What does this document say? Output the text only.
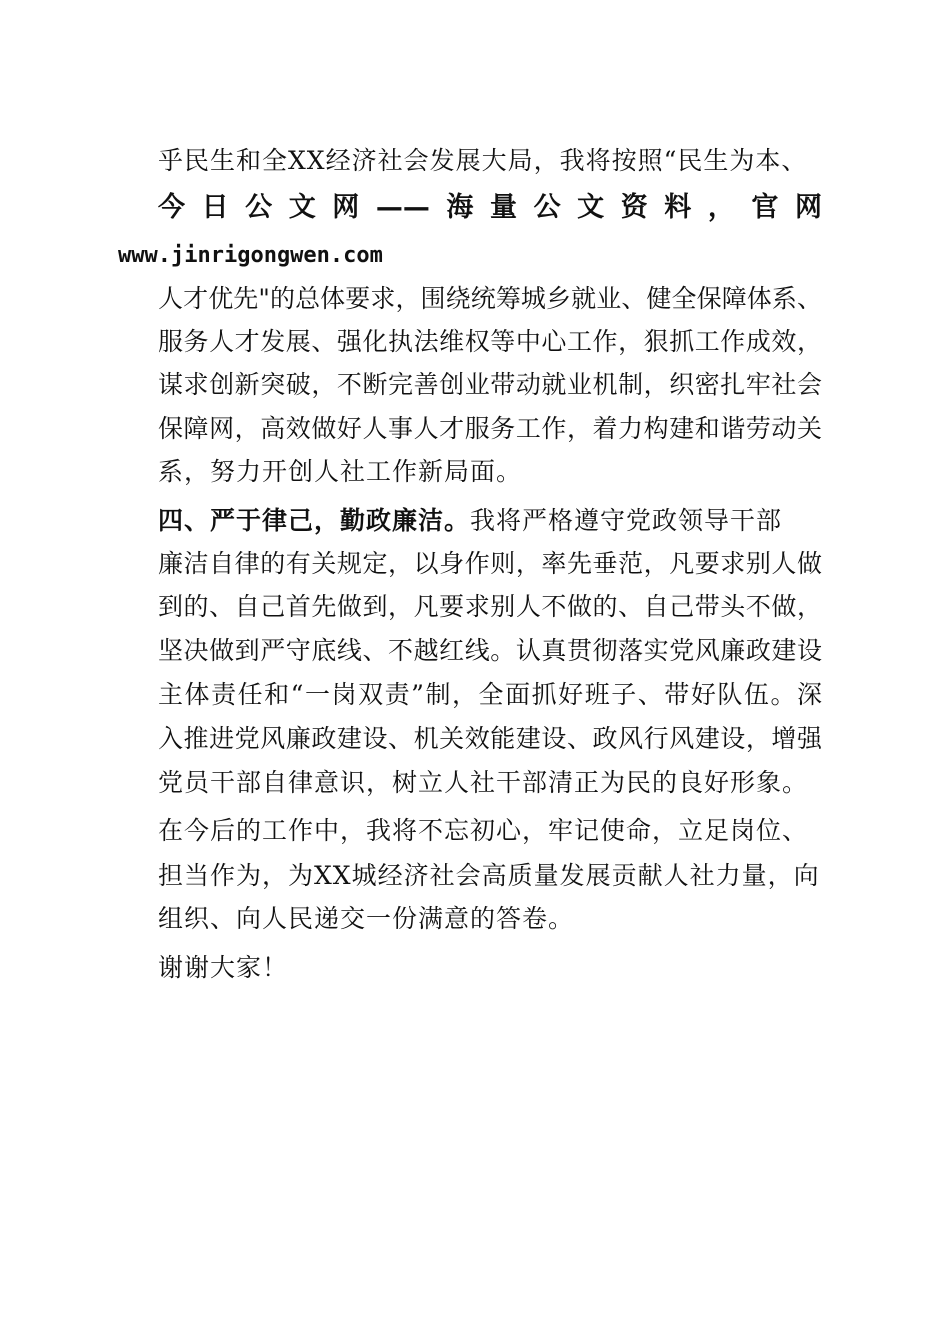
乎民生和全XX经济社会发展大局，我将按照“民生为本、
今日公文网——海量公文资料，官网
www.jinrigongwen.com
人才优先"的总体要求，围绕统筹城乡就业、健全保障体系、
服务人才发展、强化执法维权等中心工作，狠抓工作成效，
谋求创新突破，不断完善创业带动就业机制，织密扎牢社会
保障网，高效做好人事人才服务工作，着力构建和谐劳动关
系，努力开创人社工作新局面。
四、严于律己，勤政廉洁。我将严格遵守党政领导干部
廉洁自律的有关规定，以身作则，率先垂范，凡要求别人做
到的、自己首先做到，凡要求别人不做的、自己带头不做，
坚决做到严守底线、不越红线。认真贯彻落实党风廉政建设
主体责任和“一岗双责”制，全面抓好班子、带好队伍。深
入推进党风廉政建设、机关效能建设、政风行风建设，增强
党员干部自律意识，树立人社干部清正为民的良好形象。
在今后的工作中，我将不忘初心，牢记使命，立足岗位、
担当作为，为XX城经济社会高质量发展贡献人社力量，向
组织、向人民递交一份满意的答卷。
谢谢大家！
